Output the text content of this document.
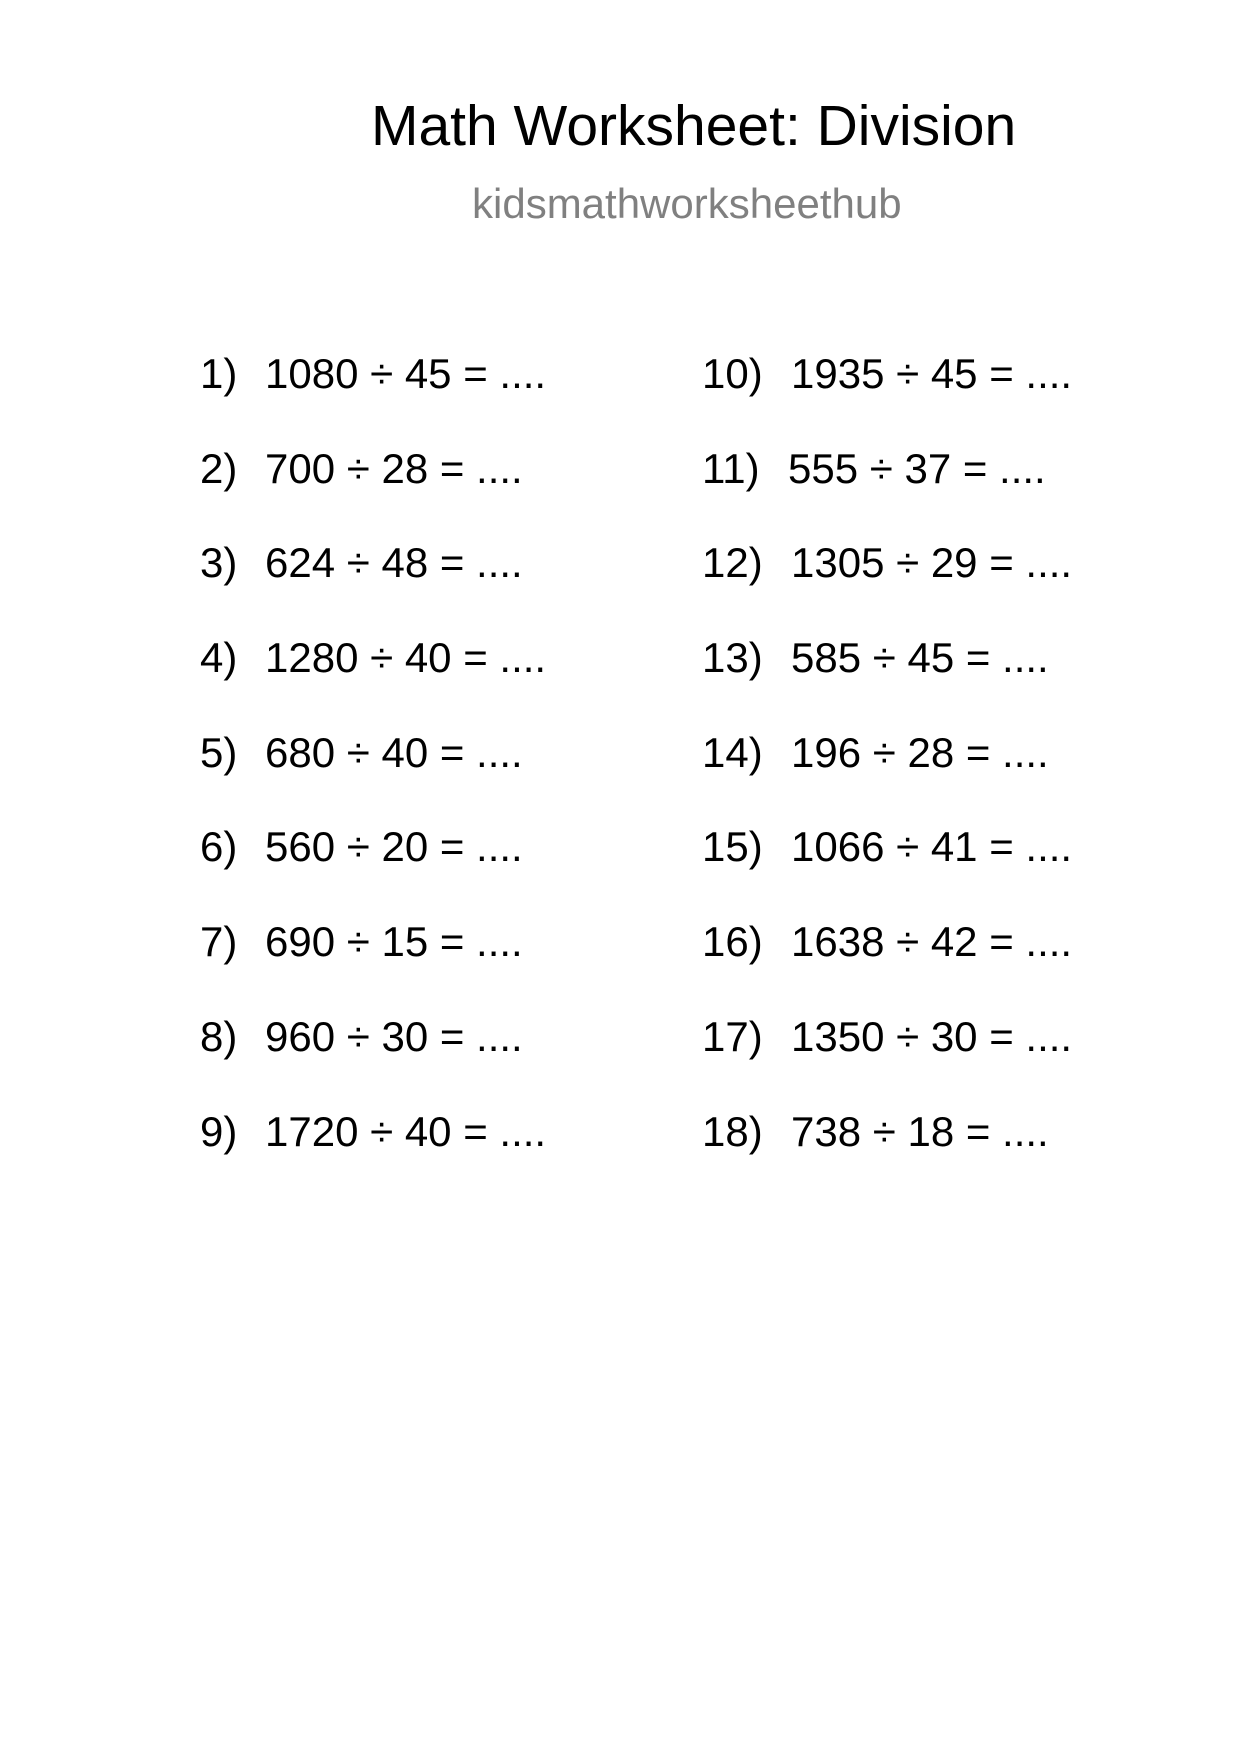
Math Worksheet: Division
kidsmathworksheethub
1) 1080 ÷ 45 = ....
2) 700 ÷ 28 = ....
3) 624 ÷ 48 = ....
4) 1280 ÷ 40 = ....
5) 680 ÷ 40 = ....
6) 560 ÷ 20 = ....
7) 690 ÷ 15 = ....
8) 960 ÷ 30 = ....
9) 1720 ÷ 40 = ....
10) 1935 ÷ 45 = ....
11) 555 ÷ 37 = ....
12) 1305 ÷ 29 = ....
13) 585 ÷ 45 = ....
14) 196 ÷ 28 = ....
15) 1066 ÷ 41 = ....
16) 1638 ÷ 42 = ....
17) 1350 ÷ 30 = ....
18) 738 ÷ 18 = ....
